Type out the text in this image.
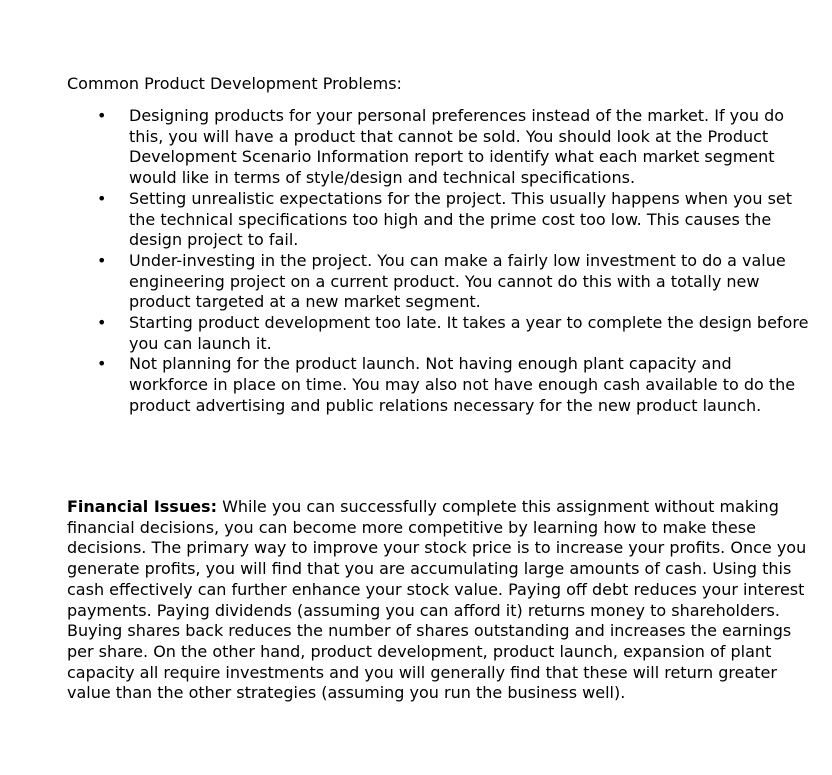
Common Product Development Problems:
• Designing products for your personal preferences instead of the market. If you do this, you will have a product that cannot be sold. You should look at the Product Development Scenario Information report to identify what each market segment would like in terms of style/design and technical specifications.
• Setting unrealistic expectations for the project. This usually happens when you set the technical specifications too high and the prime cost too low. This causes the design project to fail.
• Under-investing in the project. You can make a fairly low investment to do a value engineering project on a current product. You cannot do this with a totally new product targeted at a new market segment.
• Starting product development too late. It takes a year to complete the design before you can launch it.
• Not planning for the product launch. Not having enough plant capacity and workforce in place on time. You may also not have enough cash available to do the product advertising and public relations necessary for the new product launch.
Financial Issues: While you can successfully complete this assignment without making financial decisions, you can become more competitive by learning how to make these decisions. The primary way to improve your stock price is to increase your profits. Once you generate profits, you will find that you are accumulating large amounts of cash. Using this cash effectively can further enhance your stock value. Paying off debt reduces your interest payments. Paying dividends (assuming you can afford it) returns money to shareholders. Buying shares back reduces the number of shares outstanding and increases the earnings per share. On the other hand, product development, product launch, expansion of plant capacity all require investments and you will generally find that these will return greater value than the other strategies (assuming you run the business well).
